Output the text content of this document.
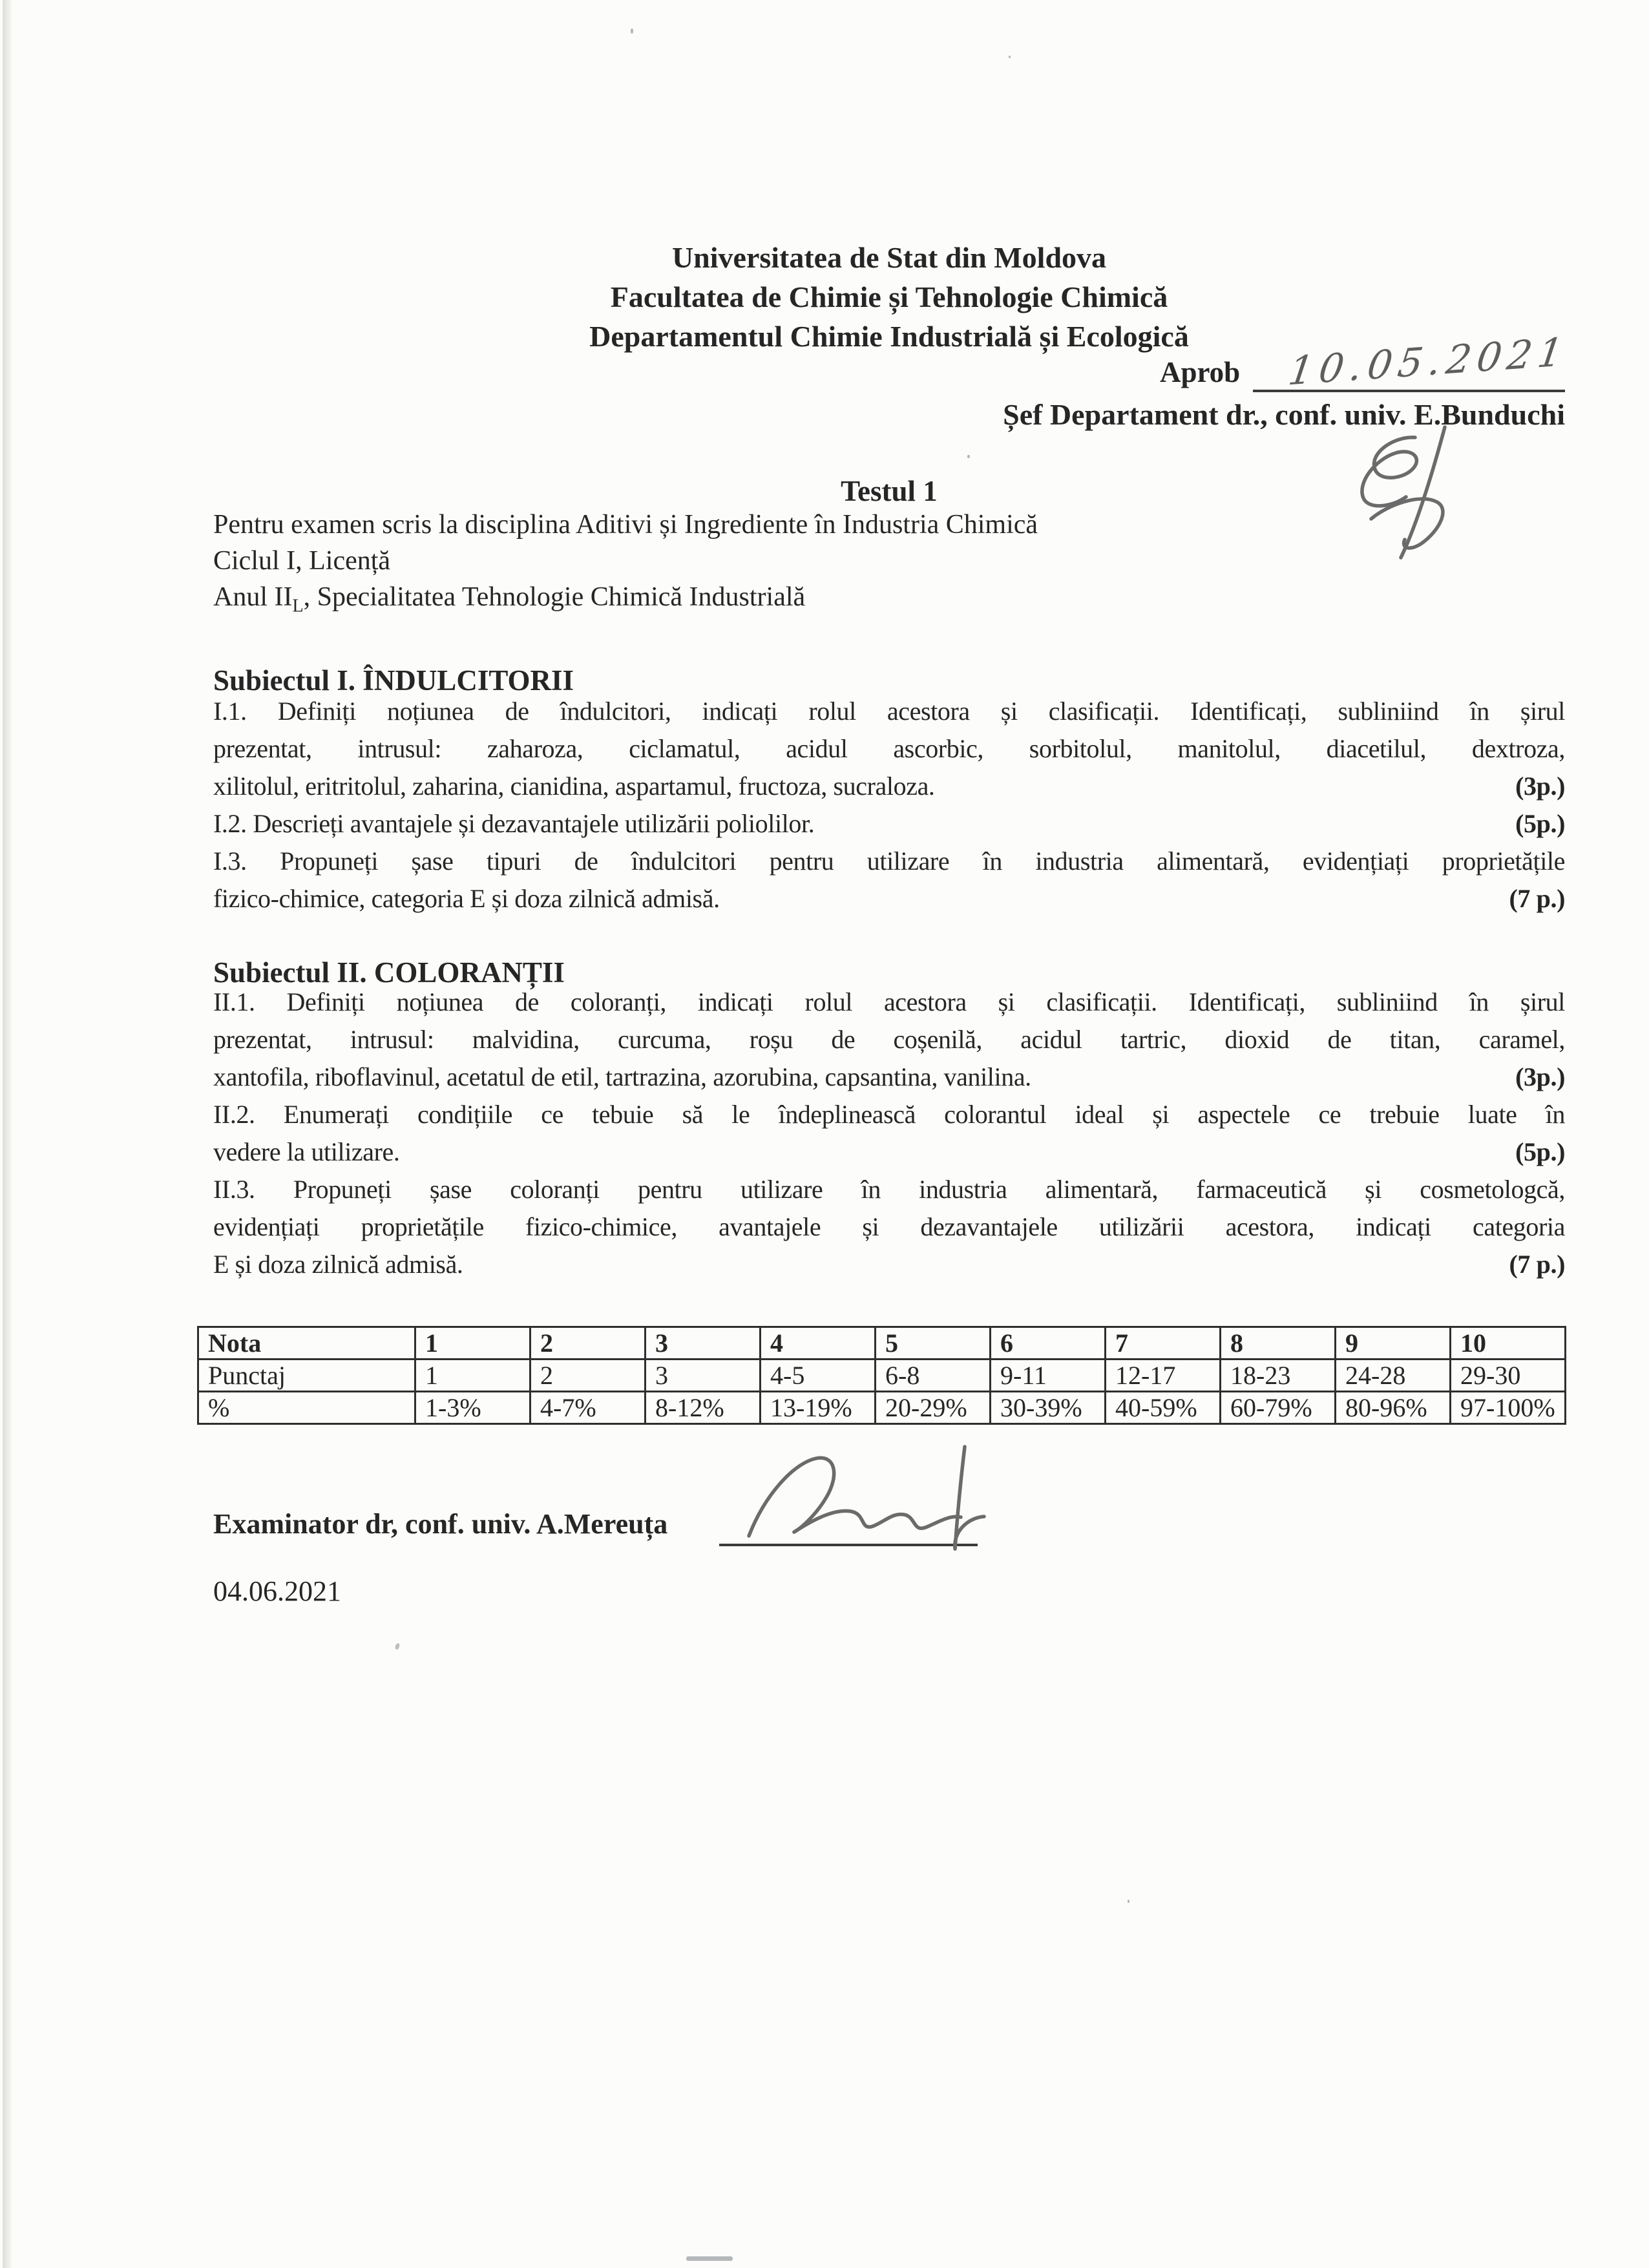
Universitatea de Stat din Moldova
Facultatea de Chimie și Tehnologie Chimică
Departamentul Chimie Industrială și Ecologică
Aprob 10.05.2021
Șef Departament dr., conf. univ. E.Bunduchi
Testul 1
Pentru examen scris la disciplina Aditivi și Ingrediente în Industria Chimică
Ciclul I, Licență
Anul $II_L$, Specialitatea Tehnologie Chimică Industrială
Subiectul I. ÎNDULCITORII
I.1. Definiți noțiunea de îndulcitori, indicați rolul acestora și clasificații. Identificați, subliniind în șirul
prezentat, intrusul: zaharoza, ciclamatul, acidul ascorbic, sorbitolul, manitolul, diacetilul, dextroza,
xilitolul, eritritolul, zaharina, cianidina, aspartamul, fructoza, sucraloza.	(3p.)
I.2. Descrieți avantajele și dezavantajele utilizării poliolilor.	(5p.)
I.3. Propuneți șase tipuri de îndulcitori pentru utilizare în industria alimentară, evidențiați proprietățile
fizico-chimice, categoria E și doza zilnică admisă.	(7 p.)
Subiectul II. COLORANȚII
II.1. Definiți noțiunea de coloranți, indicați rolul acestora și clasificații. Identificați, subliniind în șirul
prezentat, intrusul: malvidina, curcuma, roșu de coșenilă, acidul tartric, dioxid de titan, caramel,
xantofila, riboflavinul, acetatul de etil, tartrazina, azorubina, capsantina, vanilina.	(3p.)
II.2. Enumerați condițiile ce tebuie să le îndeplinească colorantul ideal și aspectele ce trebuie luate în
vedere la utilizare.	(5p.)
II.3. Propuneți șase coloranți pentru utilizare în industria alimentară, farmaceutică și cosmetologcă,
evidențiați proprietățile fizico-chimice, avantajele și dezavantajele utilizării acestora, indicați categoria
E și doza zilnică admisă.	(7 p.)
Nota	1	2	3	4	5	6	7	8	9	10
Punctaj	1	2	3	4-5	6-8	9-11	12-17	18-23	24-28	29-30
%	1-3%	4-7%	8-12%	13-19%	20-29%	30-39%	40-59%	60-79%	80-96%	97-100%
Examinator dr, conf. univ. A.Mereuța
04.06.2021
